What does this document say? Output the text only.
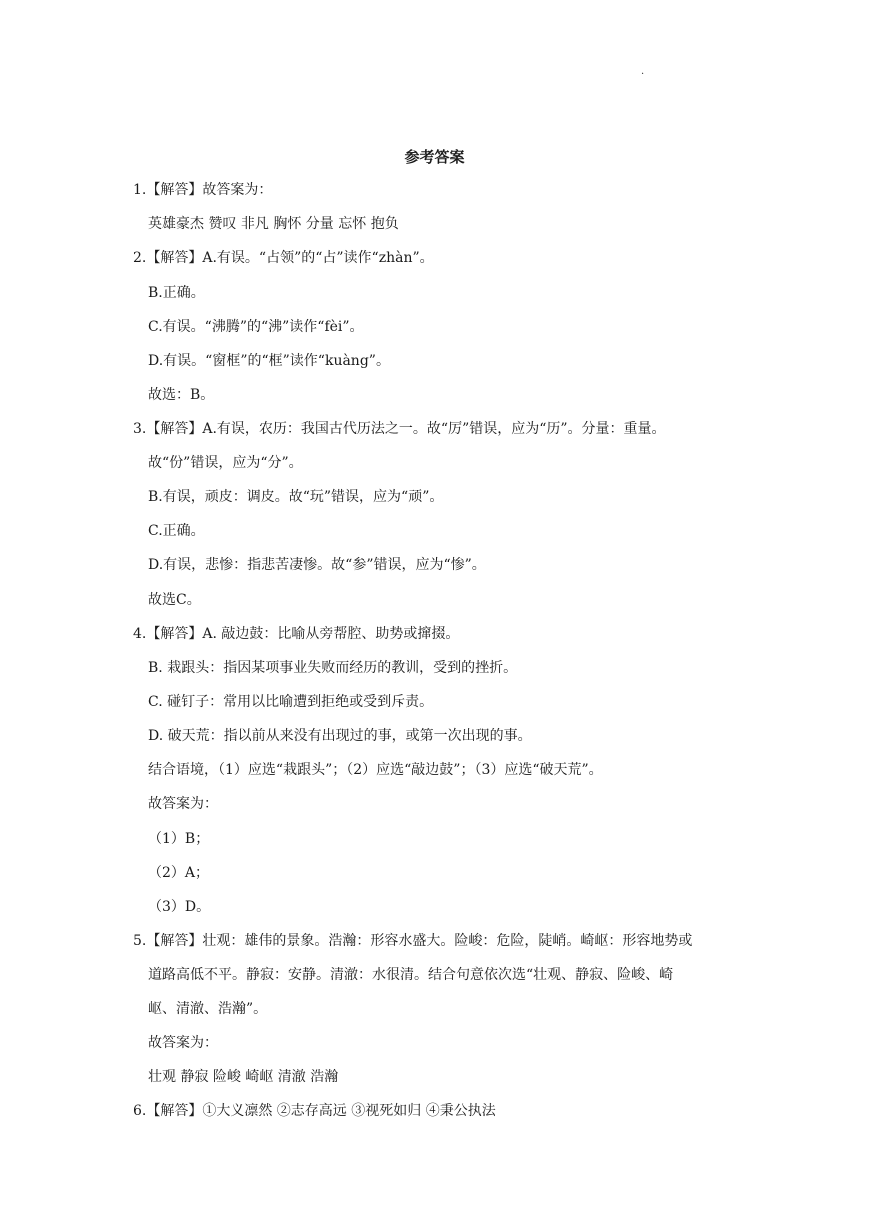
.
参考答案
1.【解答】故答案为：
英雄豪杰 赞叹 非凡 胸怀 分量 忘怀 抱负
2.【解答】A.有误。“占领”的“占”读作“zhàn”。
B.正确。
C.有误。“沸腾”的“沸”读作“fèi”。
D.有误。“窗框”的“框”读作“kuàng”。
故选：B。
3.【解答】A.有误，农历：我国古代历法之一。故“厉”错误，应为“历”。分量：重量。
故“份”错误，应为“分”。
B.有误，顽皮：调皮。故“玩”错误，应为“顽”。
C.正确。
D.有误，悲惨：指悲苦凄惨。故“参”错误，应为“惨”。
故选C。
4.【解答】A. 敲边鼓：比喻从旁帮腔、助势或撺掇。
B. 栽跟头：指因某项事业失败而经历的教训，受到的挫折。
C. 碰钉子：常用以比喻遭到拒绝或受到斥责。
D. 破天荒：指以前从来没有出现过的事，或第一次出现的事。
结合语境，（1）应选“栽跟头”；（2）应选“敲边鼓”；（3）应选“破天荒”。
故答案为：
（1）B；
（2）A；
（3）D。
5.【解答】壮观：雄伟的景象。浩瀚：形容水盛大。险峻：危险，陡峭。崎岖：形容地势或
道路高低不平。静寂：安静。清澈：水很清。结合句意依次选“壮观、静寂、险峻、崎
岖、清澈、浩瀚”。
故答案为：
壮观 静寂 险峻 崎岖 清澈 浩瀚
6.【解答】①大义凛然 ②志存高远 ③视死如归 ④秉公执法
